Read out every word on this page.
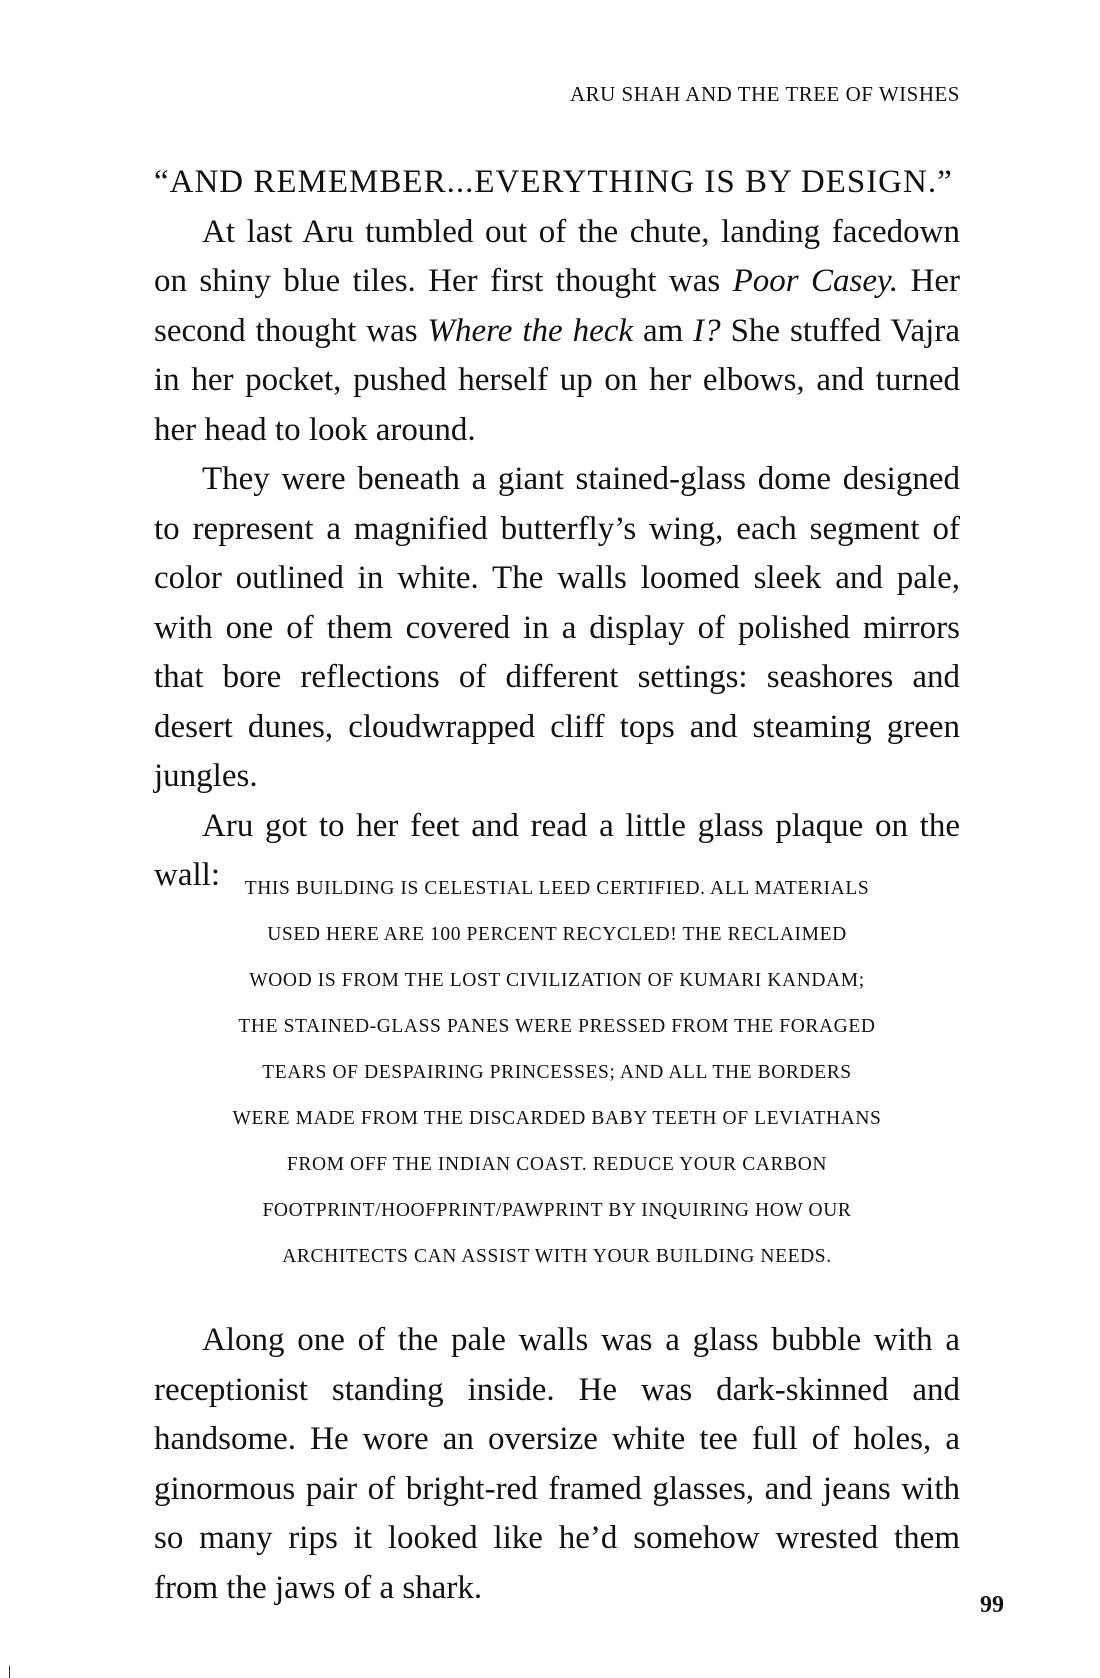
ARU SHAH AND THE TREE OF WISHES

“AND REMEMBER...EVERYTHING IS BY DESIGN.”

At last Aru tumbled out of the chute, landing facedown on shiny blue tiles. Her first thought was Poor Casey. Her second thought was Where the heck am I? She stuffed Vajra in her pocket, pushed herself up on her elbows, and turned her head to look around.

They were beneath a giant stained-glass dome designed to represent a magnified butterfly’s wing, each segment of color outlined in white. The walls loomed sleek and pale, with one of them covered in a display of polished mirrors that bore reflections of different settings: seashores and desert dunes, cloudwrapped cliff tops and steaming green jungles.

Aru got to her feet and read a little glass plaque on the wall:	THIS BUILDING IS CELESTIAL LEED CERTIFIED. ALL MATERIALS
USED HERE ARE 100 PERCENT RECYCLED! THE RECLAIMED
WOOD IS FROM THE LOST CIVILIZATION OF KUMARI KANDAM;
THE STAINED-GLASS PANES WERE PRESSED FROM THE FORAGED
TEARS OF DESPAIRING PRINCESSES; AND ALL THE BORDERS
WERE MADE FROM THE DISCARDED BABY TEETH OF LEVIATHANS
FROM OFF THE INDIAN COAST. REDUCE YOUR CARBON
FOOTPRINT/HOOFPRINT/PAWPRINT BY INQUIRING HOW OUR
ARCHITECTS CAN ASSIST WITH YOUR BUILDING NEEDS.

Along one of the pale walls was a glass bubble with a receptionist standing inside. He was dark-skinned and handsome. He wore an oversize white tee full of holes, a ginormous pair of bright-red framed glasses, and jeans with so many rips it looked like he’d somehow wrested them from the jaws of a shark.	99
